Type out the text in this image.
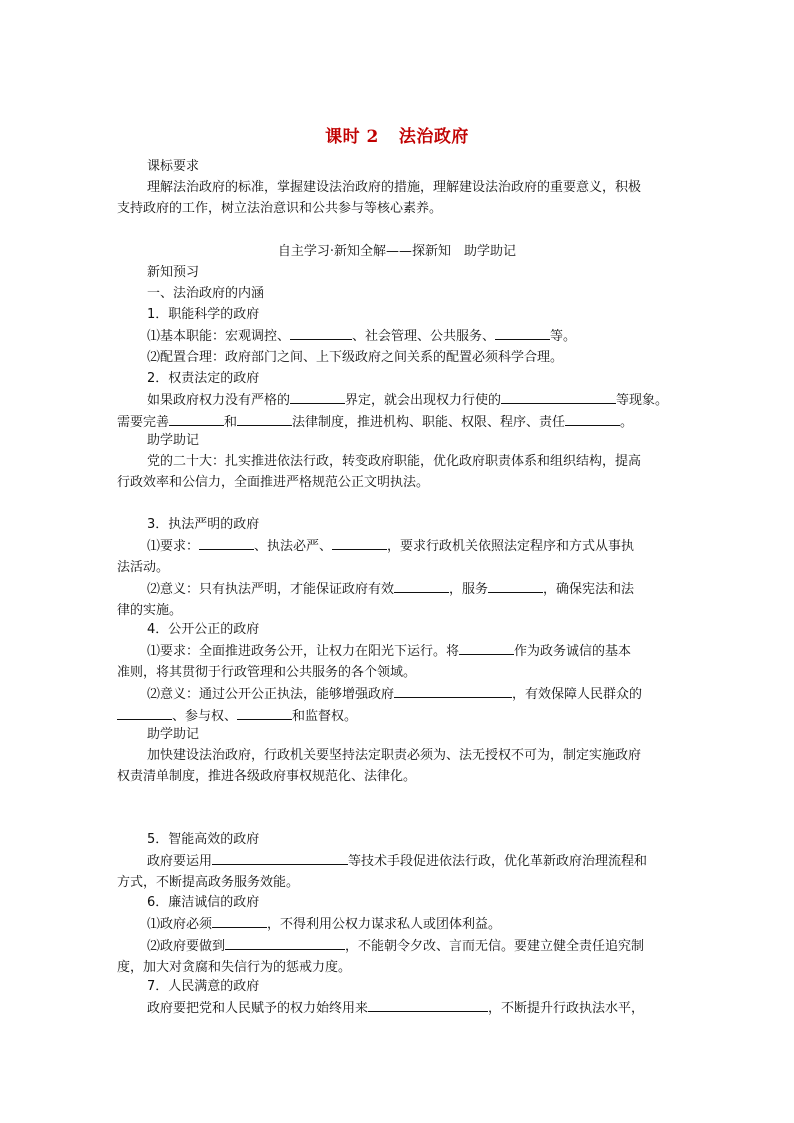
课时 2 法治政府
课标要求
理解法治政府的标准，掌握建设法治政府的措施，理解建设法治政府的重要意义，积极
支持政府的工作，树立法治意识和公共参与等核心素养。
自主学习·新知全解——探新知　助学助记
新知预习
一、法治政府的内涵
1．职能科学的政府
⑴基本职能：宏观调控、	、社会管理、公共服务、	等。
⑵配置合理：政府部门之间、上下级政府之间关系的配置必须科学合理。
2．权责法定的政府
如果政府权力没有严格的	界定，就会出现权力行使的	等现象。
需要完善	和	法律制度，推进机构、职能、权限、程序、责任	。
助学助记
党的二十大：扎实推进依法行政，转变政府职能，优化政府职责体系和组织结构，提高
行政效率和公信力，全面推进严格规范公正文明执法。
3．执法严明的政府
⑴要求：	、执法必严、	，要求行政机关依照法定程序和方式从事执
法活动。
⑵意义：只有执法严明，才能保证政府有效	，服务	，确保宪法和法
律的实施。
4．公开公正的政府
⑴要求：全面推进政务公开，让权力在阳光下运行。将	作为政务诚信的基本
准则，将其贯彻于行政管理和公共服务的各个领域。
⑵意义：通过公开公正执法，能够增强政府	，有效保障人民群众的
、参与权、	和监督权。
助学助记
加快建设法治政府，行政机关要坚持法定职责必须为、法无授权不可为，制定实施政府
权责清单制度，推进各级政府事权规范化、法律化。
5．智能高效的政府
政府要运用	等技术手段促进依法行政，优化革新政府治理流程和
方式，不断提高政务服务效能。
6．廉洁诚信的政府
⑴政府必须	，不得利用公权力谋求私人或团体利益。
⑵政府要做到	，不能朝令夕改、言而无信。要建立健全责任追究制
度，加大对贪腐和失信行为的惩戒力度。
7．人民满意的政府
政府要把党和人民赋予的权力始终用来	，不断提升行政执法水平，
